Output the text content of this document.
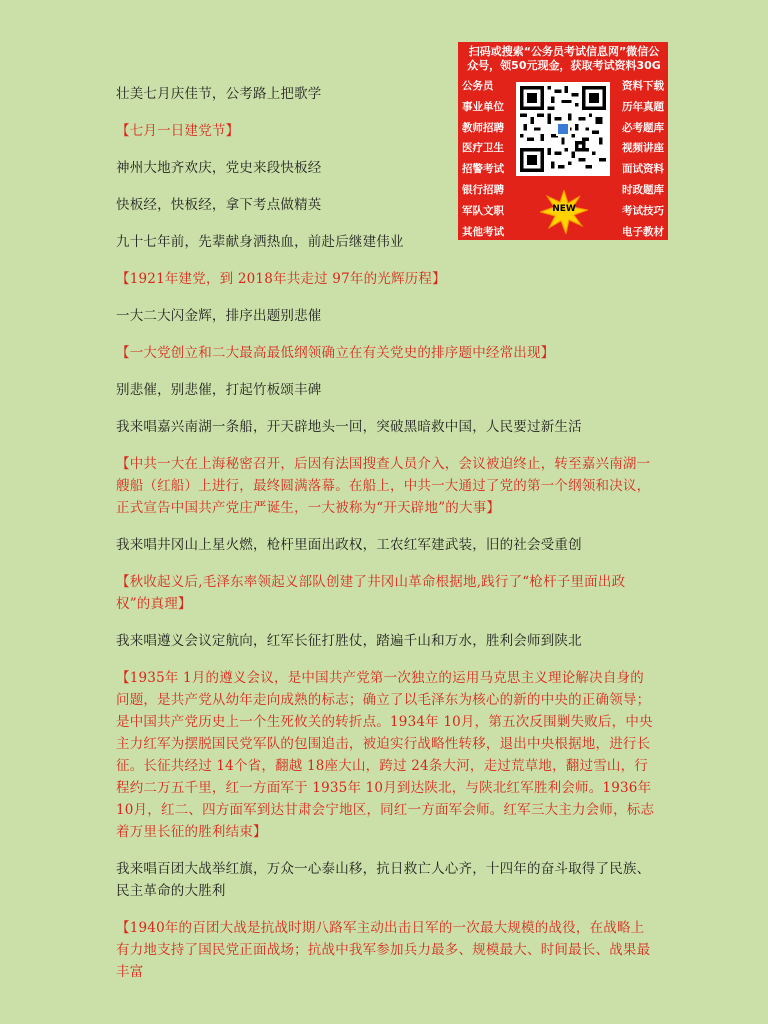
壮美七月庆佳节，公考路上把歌学

【七月一日建党节】

神州大地齐欢庆，党史来段快板经

快板经，快板经，拿下考点做精英

九十七年前，先辈献身洒热血，前赴后继建伟业

【1921年建党，到 2018年共走过 97年的光辉历程】

一大二大闪金辉，排序出题别悲催

【一大党创立和二大最高最低纲领确立在有关党史的排序题中经常出现】

别悲催，别悲催，打起竹板颂丰碑

我来唱嘉兴南湖一条船，开天辟地头一回，突破黑暗救中国，人民要过新生活

【中共一大在上海秘密召开，后因有法国搜查人员介入，会议被迫终止，转至嘉兴南湖一艘船（红船）上进行，最终圆满落幕。在船上，中共一大通过了党的第一个纲领和决议，正式宣告中国共产党庄严诞生，一大被称为“开天辟地”的大事】

我来唱井冈山上星火燃，枪杆里面出政权，工农红军建武装，旧的社会受重创

【秋收起义后,毛泽东率领起义部队创建了井冈山革命根据地,践行了“枪杆子里面出政权”的真理】

我来唱遵义会议定航向，红军长征打胜仗，踏遍千山和万水，胜利会师到陕北

【1935年 1月的遵义会议，是中国共产党第一次独立的运用马克思主义理论解决自身的问题，是共产党从幼年走向成熟的标志；确立了以毛泽东为核心的新的中央的正确领导；是中国共产党历史上一个生死攸关的转折点。1934年 10月，第五次反围剿失败后，中央主力红军为摆脱国民党军队的包围追击，被迫实行战略性转移，退出中央根据地，进行长征。长征共经过 14个省，翻越 18座大山，跨过 24条大河，走过荒草地，翻过雪山，行程约二万五千里，红一方面军于 1935年 10月到达陕北，与陕北红军胜利会师。1936年 10月，红二、四方面军到达甘肃会宁地区，同红一方面军会师。红军三大主力会师，标志着万里长征的胜利结束】

我来唱百团大战举红旗，万众一心泰山移，抗日救亡人心齐，十四年的奋斗取得了民族、民主革命的大胜利

【1940年的百团大战是抗战时期八路军主动出击日军的一次最大规模的战役，在战略上有力地支持了国民党正面战场；抗战中我军参加兵力最多、规模最大、时间最长、战果最丰富

扫码或搜索“公务员考试信息网”微信公众号，领50元现金，获取考试资料30G
公务员
事业单位
教师招聘
医疗卫生
招警考试
银行招聘
军队文职
其他考试
资料下载
历年真题
必考题库
视频讲座
面试资料
时政题库
考试技巧
电子教材
NEW
